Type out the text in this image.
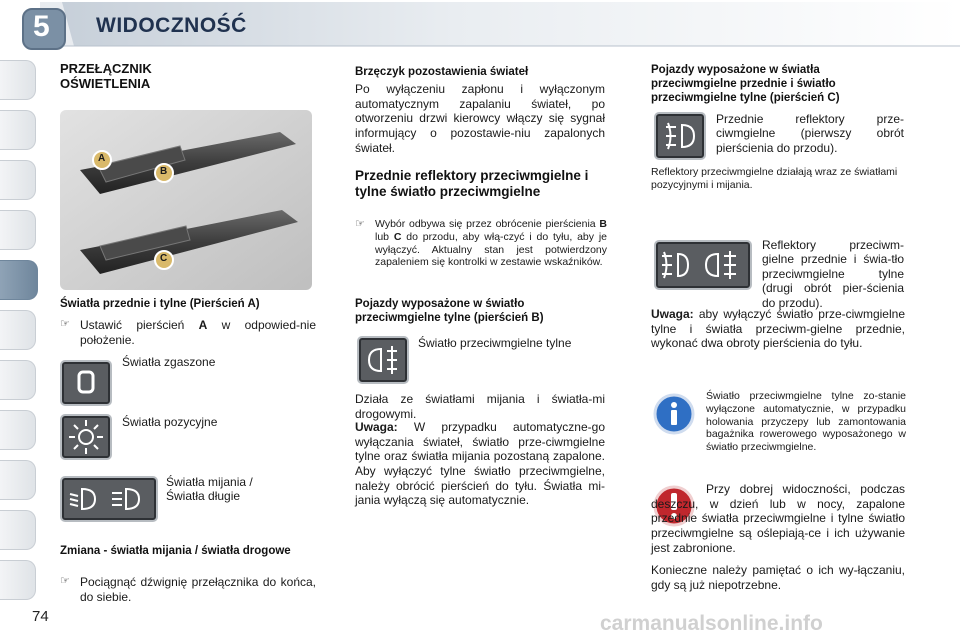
5 WIDOCZNOŚĆ
PRZEŁĄCZNIK
OŚWIETLENIA
A
B
C
Światła przednie i tylne (Pierścień A)
☞ Ustawić pierścień A w odpowied-nie położenie.
Światła zgaszone
Światła pozycyjne
Światła mijania /
Światła długie
Zmiana - światła mijania / światła drogowe
☞ Pociągnąć dźwignię przełącznika do końca, do siebie.
Brzęczyk pozostawienia świateł
Po wyłączeniu zapłonu i wyłączonym automatycznym zapalaniu świateł, po otworzeniu drzwi kierowcy włączy się sygnał informujący o pozostawie-niu zapalonych świateł.
Przednie reflektory przeciwmgielne i tylne światło przeciwmgielne
☞ Wybór odbywa się przez obrócenie pierścienia B lub C do przodu, aby włą-czyć i do tyłu, aby je wyłączyć. Aktualny stan jest potwierdzony zapaleniem się kontrolki w zestawie wskaźników.
Pojazdy wyposażone w światło przeciwmgielne tylne (pierścień B)
Światło przeciwmgielne tylne
Działa ze światłami mijania i światła-mi drogowymi.
Uwaga: W przypadku automatyczne-go wyłączania świateł, światło prze-ciwmgielne tylne oraz światła mijania pozostaną zapalone. Aby wyłączyć tylne światło przeciwmgielne, należy obrócić pierścień do tyłu. Światła mi-jania wyłączą się automatycznie.
Pojazdy wyposażone w światła przeciwmgielne przednie i światło przeciwmgielne tylne (pierścień C)
Przednie reflektory prze-ciwmgielne (pierwszy obrót pierścienia do przodu).
Reflektory przeciwmgielne działają wraz ze światłami pozycyjnymi i mijania.
Reflektory przeciwm-gielne przednie i świa-tło przeciwmgielne tylne (drugi obrót pier-ścienia do przodu).
Uwaga: aby wyłączyć światło prze-ciwmgielne tylne i światła przeciwm-gielne przednie, wykonać dwa obroty pierścienia do tyłu.
Światło przeciwmgielne tylne zo-stanie wyłączone automatycznie, w przypadku holowania przyczepy lub zamontowania bagażnika rowerowego wyposażonego w światło przeciwmgielne.
Przy dobrej widoczności, podczas deszczu, w dzień lub w nocy, zapalone przednie światła przeciwmgielne i tylne światło przeciwmgielne są oślepiają-ce i ich używanie jest zabronione.
Konieczne należy pamiętać o ich wy-łączaniu, gdy są już niepotrzebne.
74	carmanualsonline.info
